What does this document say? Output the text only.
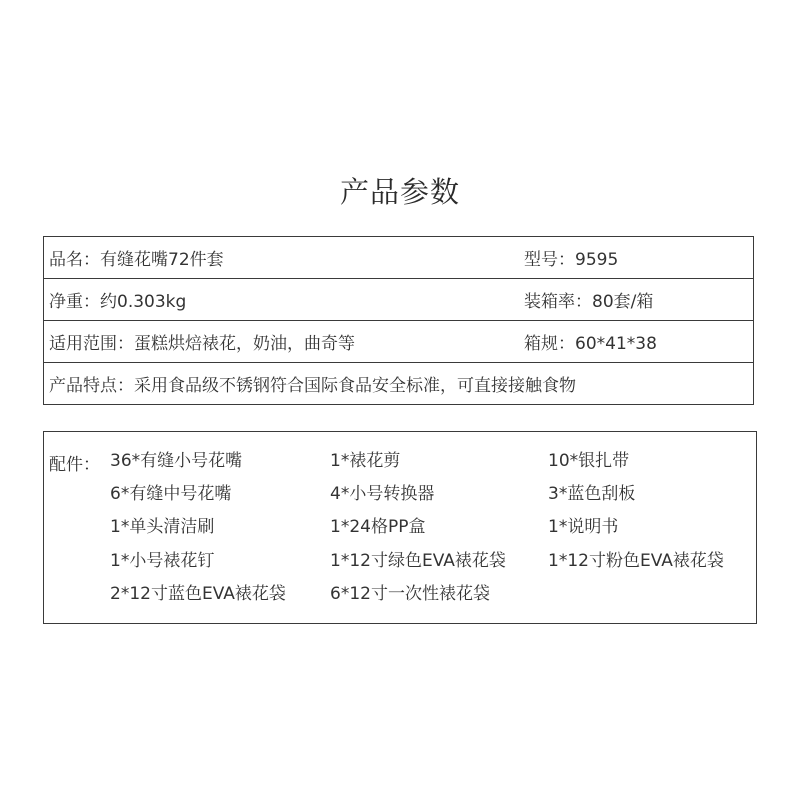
产品参数
品名：有缝花嘴72件套	型号：9595
净重：约0.303kg	装箱率：80套/箱
适用范围：蛋糕烘焙裱花，奶油，曲奇等	箱规：60*41*38
产品特点：采用食品级不锈钢符合国际食品安全标准，可直接接触食物
配件： 36*有缝小号花嘴	1*裱花剪	10*银扎带
6*有缝中号花嘴	4*小号转换器	3*蓝色刮板
1*单头清洁刷	1*24格PP盒	1*说明书
1*小号裱花钉	1*12寸绿色EVA裱花袋 1*12寸粉色EVA裱花袋
2*12寸蓝色EVA裱花袋	6*12寸一次性裱花袋
